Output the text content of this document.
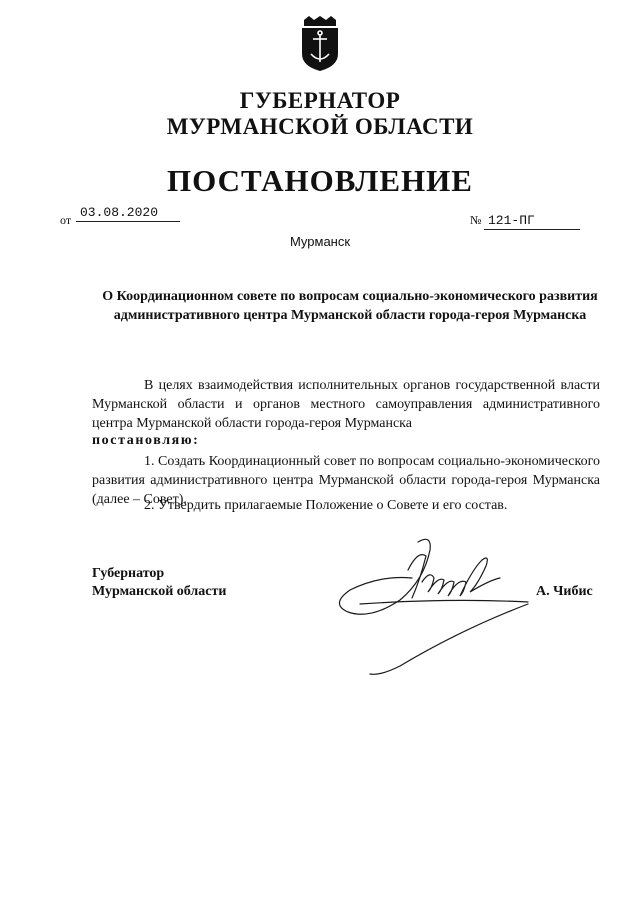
ГУБЕРНАТОР
МУРМАНСКОЙ ОБЛАСТИ
ПОСТАНОВЛЕНИЕ
от 03.08.2020	№ 121-ПГ
Мурманск
О Координационном совете по вопросам социально-экономического развития административного центра Мурманской области города-героя Мурманска
В целях взаимодействия исполнительных органов государственной власти Мурманской области и органов местного самоуправления административного центра Мурманской области города-героя Мурманска
постановляю:
1. Создать Координационный совет по вопросам социально-экономического развития административного центра Мурманской области города-героя Мурманска (далее – Совет).
2. Утвердить прилагаемые Положение о Совете и его состав.
Губернатор
Мурманской области	А. Чибис
